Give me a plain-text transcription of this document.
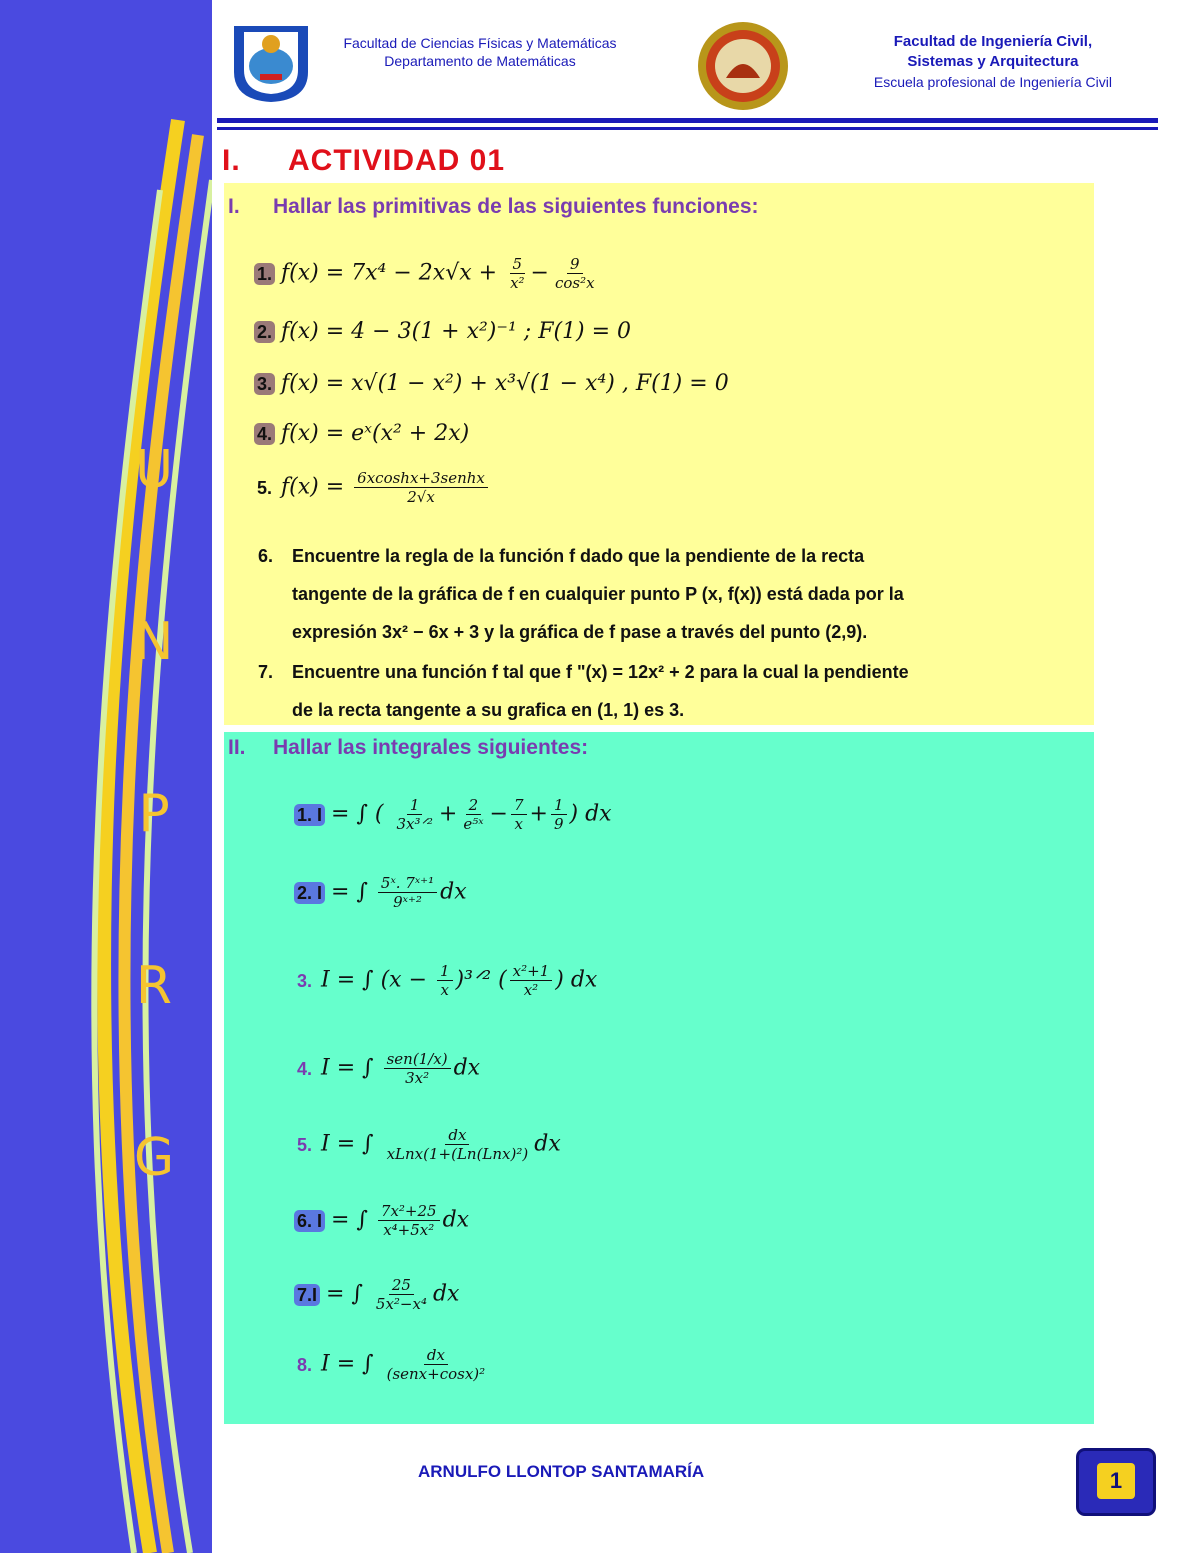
U
N
P
R
G
Facultad de Ciencias Físicas y Matemáticas
Departamento de Matemáticas
Facultad de Ingeniería Civil,
Sistemas y Arquitectura
Escuela profesional de Ingeniería Civil
I. ACTIVIDAD 01
I. Hallar las primitivas de las siguientes funciones:
1. $f(x) = 7x^4 - 2x√x + \frac{5}{\text{x²}} - \frac{9}{\text{cos²x}}$
2. f(x) = 4 − 3(1 + x²)⁻¹ ; F(1) = 0
3. f(x) = x√(1 − x²) + x³√(1 − x⁴) , F(1) = 0
4. f(x) = eˣ(x² + 2x)
5. $f(x) = \frac{\text{6xcoshx+3senhx}}{2√x}$
6. Encuentre la regla de la función f dado que la pendiente de la recta
tangente de la gráfica de f en cualquier punto P (x, f(x)) está dada por la
expresión 3x² − 6x + 3 y la gráfica de f pase a través del punto (2,9).
7. Encuentre una función f tal que f "(x) = 12x² + 2 para la cual la pendiente
de la recta tangente a su grafica en (1, 1) es 3.
II. Hallar las integrales siguientes:
1. I = ∫ ( $\frac{1}{\text{3x³ᐟ²}} + \frac{2}{\text{e⁵ˣ}} - \frac{7}{x} + \frac{1}{9}$ ) dx
2. I = ∫ $\frac{\text{5ˣ. 7ˣ⁺¹}}{\text{9ˣ⁺²}}$ dx
3. I = ∫ ($x - \frac{1}{x}$ )³ᐟ² ( $\frac{\text{x²+1}}{\text{x²}}$ ) dx
4. I = ∫ $\frac{\text{sen(1/x)}}{\text{3x²}}$ dx
5. I = ∫ $\frac{dx}{\text{xLnx(1+(Ln(Lnx)²)}}$ dx
6. I = ∫ $\frac{\text{7x²+25}}{\text{x⁴+5x²}}$ dx
7.I = ∫ $\frac{25}{\text{5x²−x⁴}}$ dx
8. I = ∫ $\frac{dx}{\text{(senx+cosx)²}}$
ARNULFO LLONTOP SANTAMARÍA	1
